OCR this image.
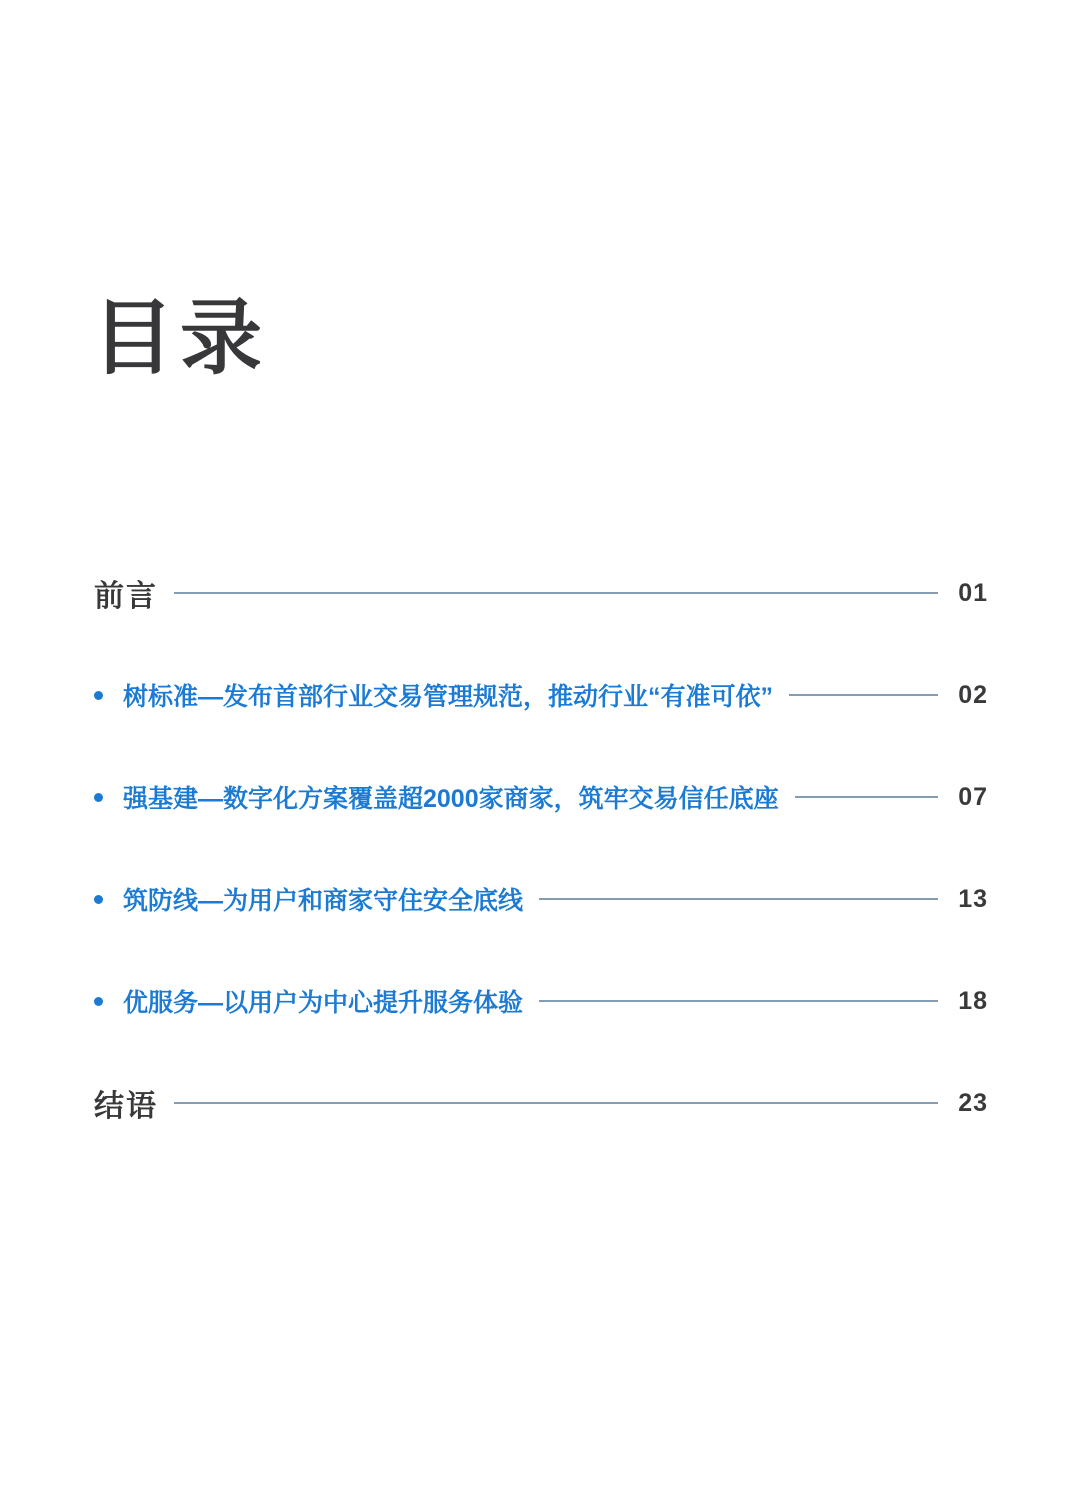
目录
前言	01
树标准—发布首部行业交易管理规范，推动行业“有准可依”	02
强基建—数字化方案覆盖超2000家商家，筑牢交易信任底座	07
筑防线—为用户和商家守住安全底线	13
优服务—以用户为中心提升服务体验	18
结语	23
